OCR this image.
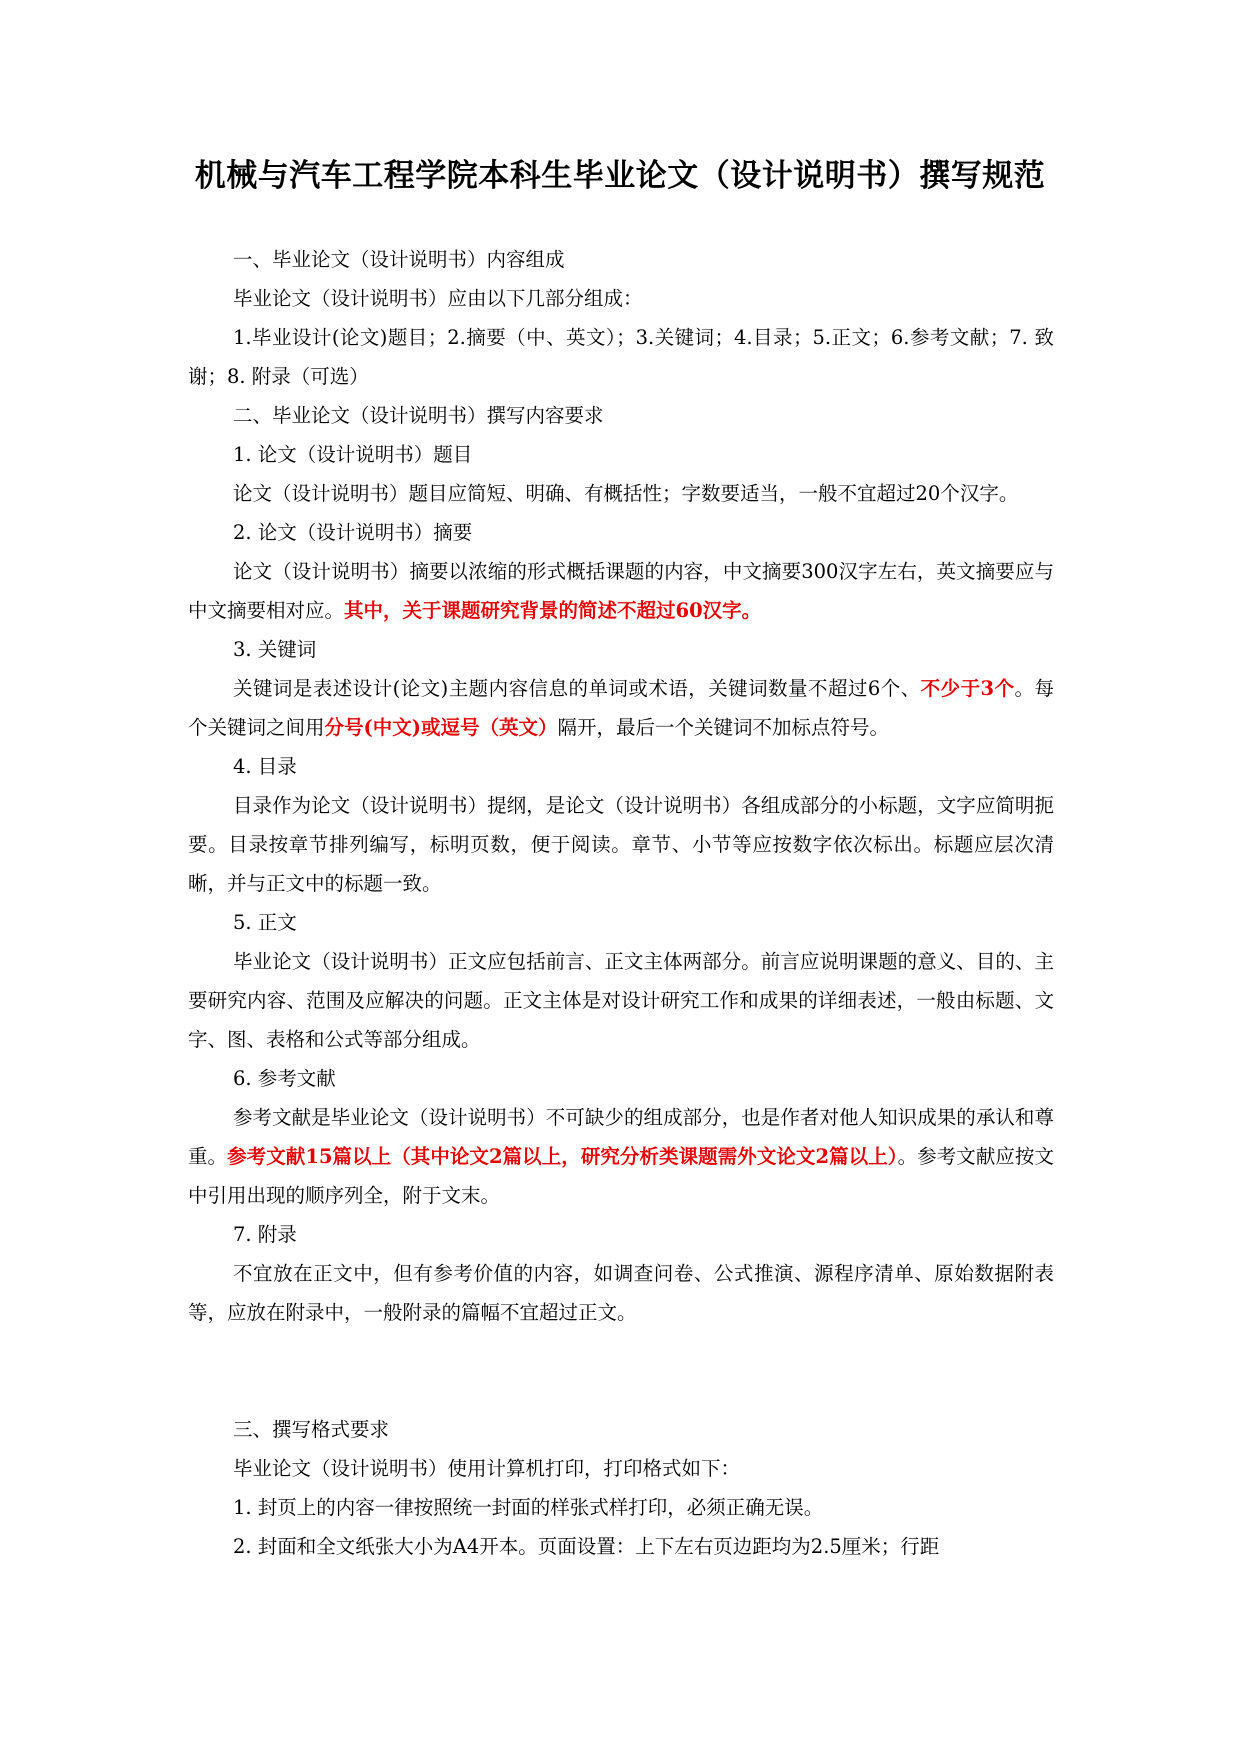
机械与汽车工程学院本科生毕业论文（设计说明书）撰写规范

一、毕业论文（设计说明书）内容组成

毕业论文（设计说明书）应由以下几部分组成：

1.毕业设计(论文)题目；2.摘要（中、英文）；3.关键词；4.目录；5.正文；6.参考文献；7. 致谢；8. 附录（可选）

二、毕业论文（设计说明书）撰写内容要求

1. 论文（设计说明书）题目

论文（设计说明书）题目应简短、明确、有概括性；字数要适当，一般不宜超过20个汉字。

2. 论文（设计说明书）摘要

论文（设计说明书）摘要以浓缩的形式概括课题的内容，中文摘要300汉字左右，英文摘要应与中文摘要相对应。其中，关于课题研究背景的简述不超过60汉字。

3. 关键词

关键词是表述设计(论文)主题内容信息的单词或术语，关键词数量不超过6个、不少于3个。每个关键词之间用分号(中文)或逗号（英文）隔开，最后一个关键词不加标点符号。

4. 目录

目录作为论文（设计说明书）提纲，是论文（设计说明书）各组成部分的小标题，文字应简明扼要。目录按章节排列编写，标明页数，便于阅读。章节、小节等应按数字依次标出。标题应层次清晰，并与正文中的标题一致。

5. 正文

毕业论文（设计说明书）正文应包括前言、正文主体两部分。前言应说明课题的意义、目的、主要研究内容、范围及应解决的问题。正文主体是对设计研究工作和成果的详细表述，一般由标题、文字、图、表格和公式等部分组成。

6. 参考文献

参考文献是毕业论文（设计说明书）不可缺少的组成部分，也是作者对他人知识成果的承认和尊重。参考文献15篇以上（其中论文2篇以上，研究分析类课题需外文论文2篇以上）。参考文献应按文中引用出现的顺序列全，附于文末。

7. 附录

不宜放在正文中，但有参考价值的内容，如调查问卷、公式推演、源程序清单、原始数据附表等，应放在附录中，一般附录的篇幅不宜超过正文。

三、撰写格式要求

毕业论文（设计说明书）使用计算机打印，打印格式如下：

1. 封页上的内容一律按照统一封面的样张式样打印，必须正确无误。

2. 封面和全文纸张大小为A4开本。页面设置：上下左右页边距均为2.5厘米；行距
